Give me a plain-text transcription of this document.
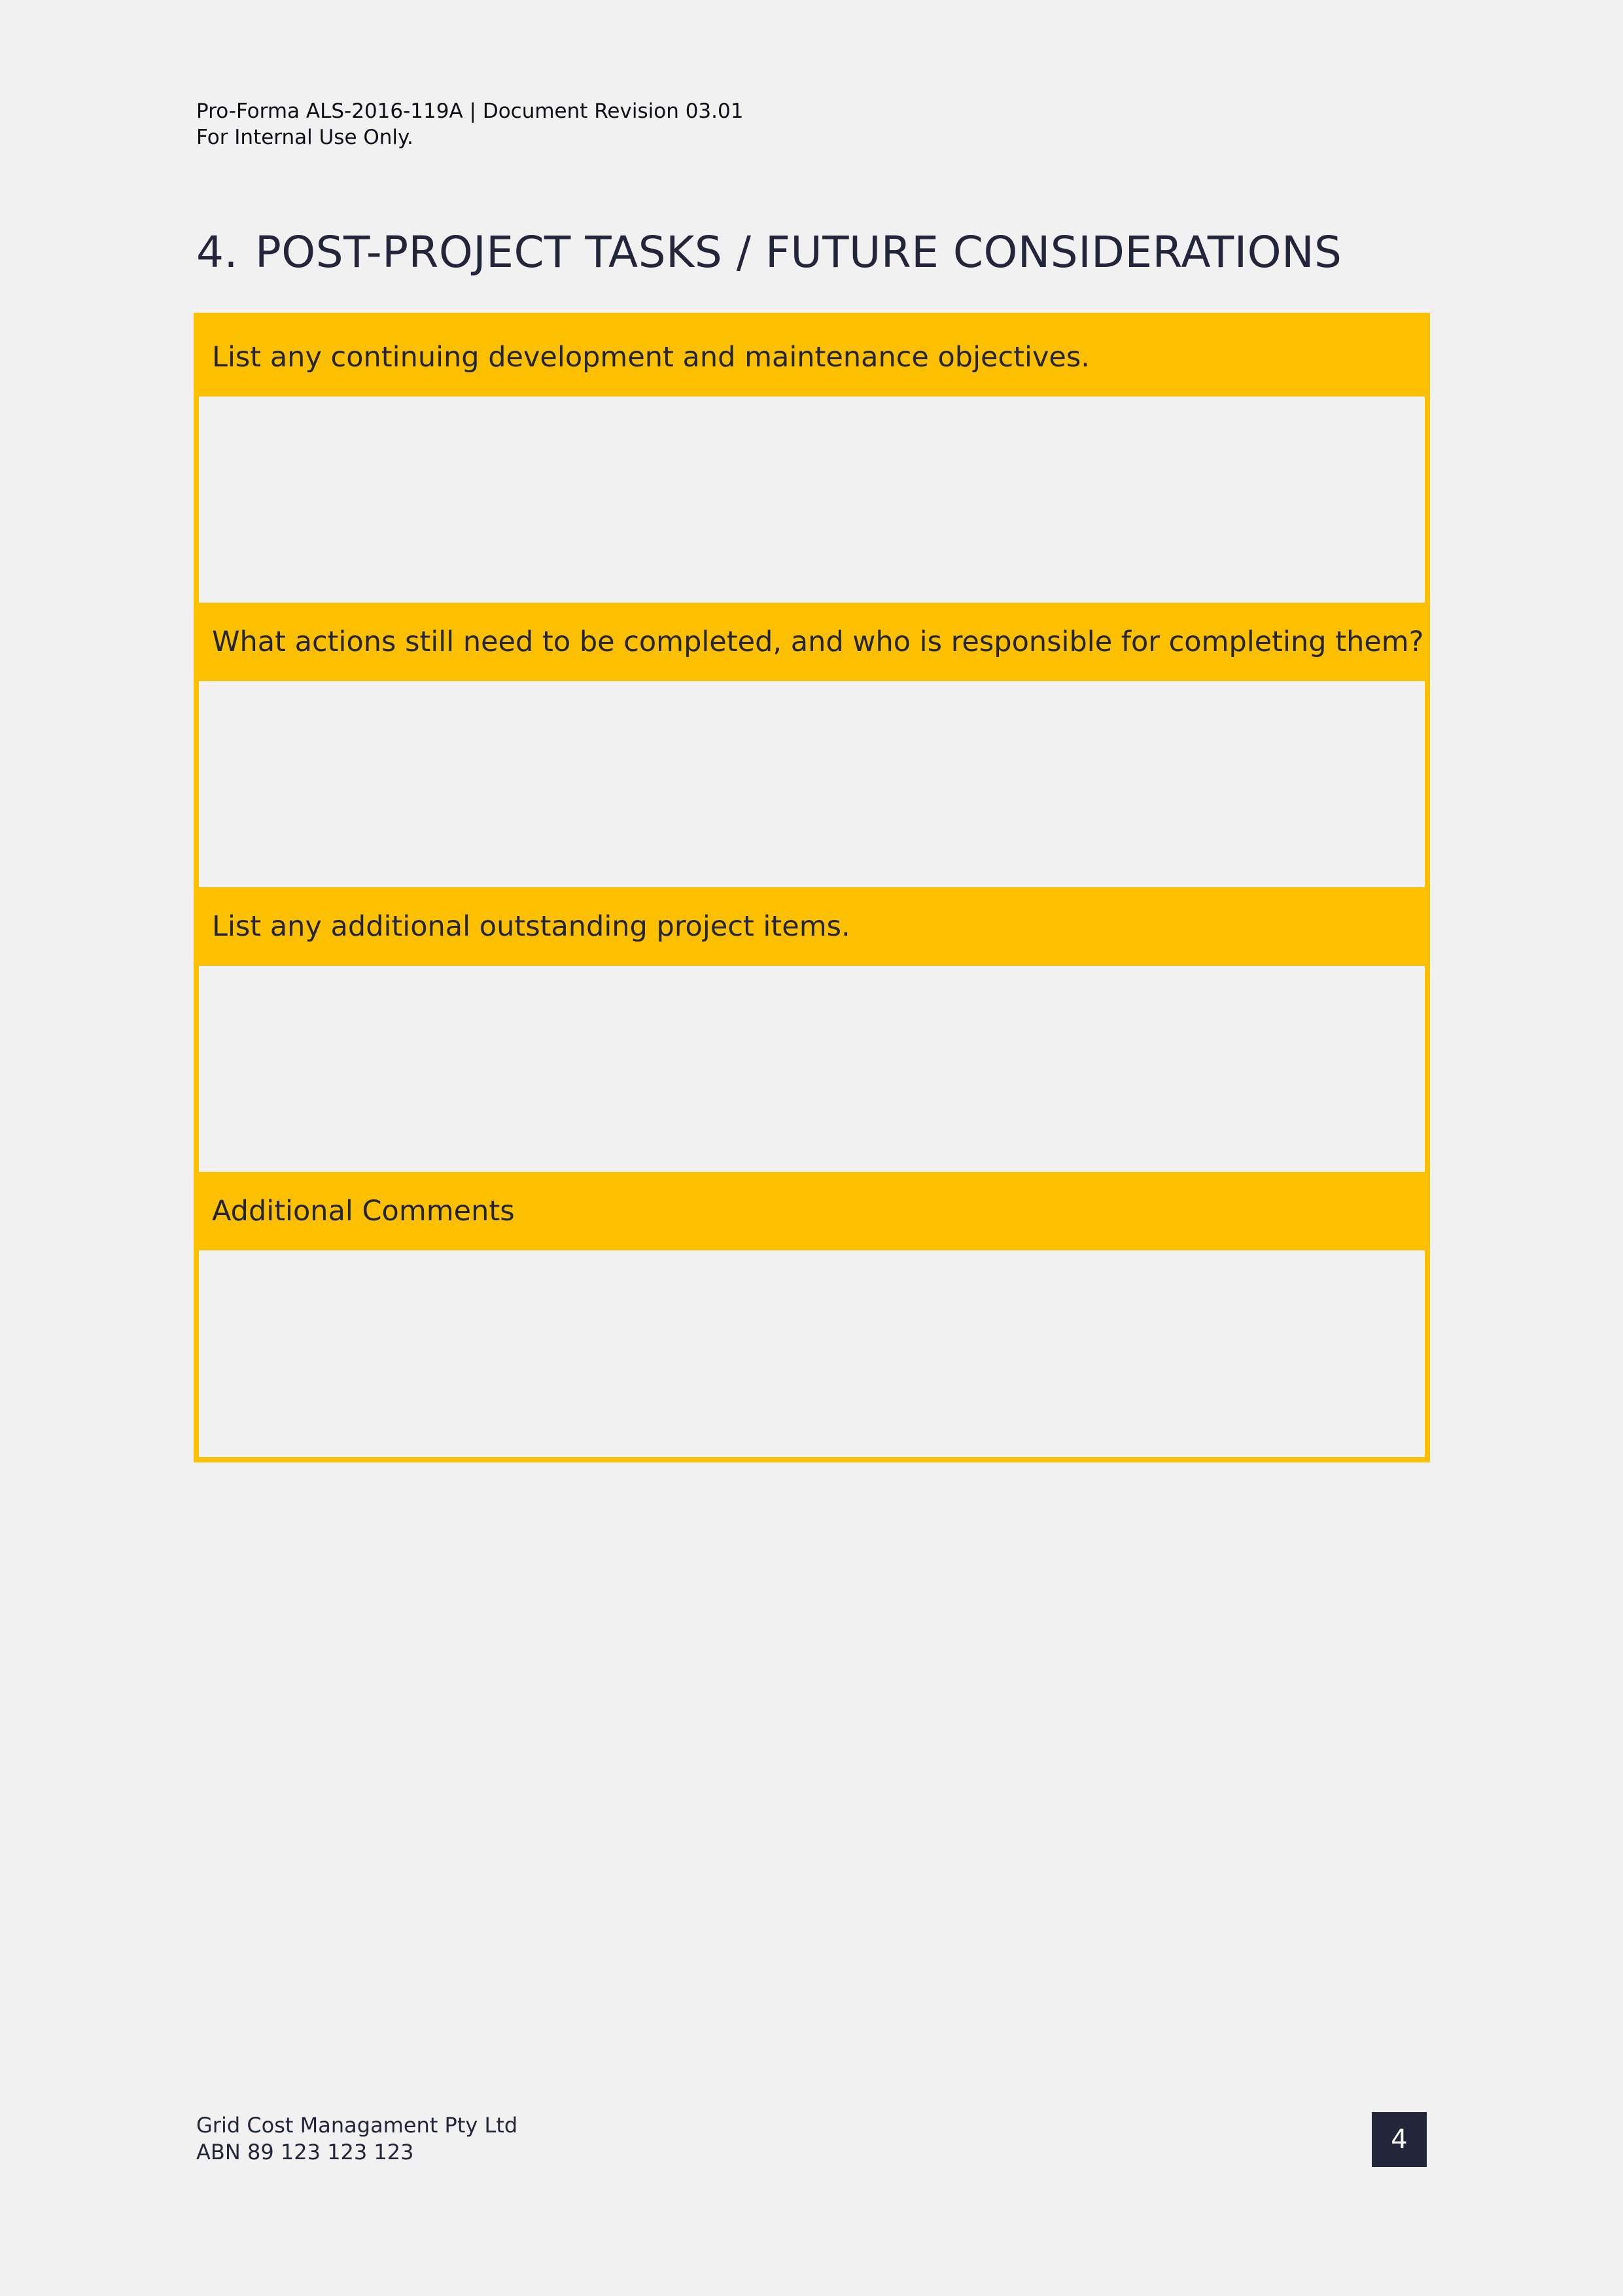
Pro-Forma ALS-2016-119A | Document Revision 03.01
For Internal Use Only.
4. POST-PROJECT TASKS / FUTURE CONSIDERATIONS
List any continuing development and maintenance objectives.
What actions still need to be completed, and who is responsible for completing them?
List any additional outstanding project items.
Additional Comments
Grid Cost Managament Pty Ltd
ABN 89 123 123 123	4
